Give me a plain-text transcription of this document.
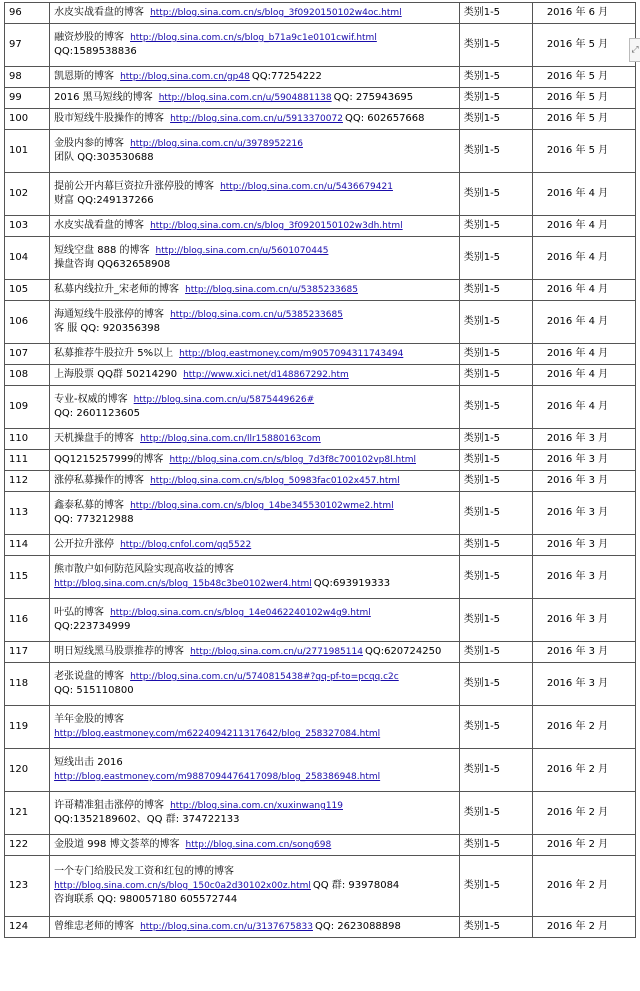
96	水皮实战看盘的博客 http://blog.sina.com.cn/s/blog_3f0920150102w4oc.html	类别1-5	2016 年 6 月
97	融资炒股的博客 http://blog.sina.com.cn/s/blog_b71a9c1e0101cwif.html
QQ:1589538836	类别1-5	2016 年 5 月
98	凯恩斯的博客 http://blog.sina.com.cn/gp48 QQ:77254222	类别1-5	2016 年 5 月
99	2016 黑马短线的博客 http://blog.sina.com.cn/u/5904881138 QQ: 275943695	类别1-5	2016 年 5 月
100	股市短线牛股操作的博客 http://blog.sina.com.cn/u/5913370072 QQ: 602657668	类别1-5	2016 年 5 月
101	金股内参的博客 http://blog.sina.com.cn/u/3978952216
团队 QQ:303530688	类别1-5	2016 年 5 月
102	提前公开内幕巨资拉升涨停股的博客 http://blog.sina.com.cn/u/5436679421
财富 QQ:249137266	类别1-5	2016 年 4 月
103	水皮实战看盘的博客 http://blog.sina.com.cn/s/blog_3f0920150102w3dh.html	类别1-5	2016 年 4 月
104	短线空盘 888 的博客 http://blog.sina.com.cn/u/5601070445
操盘咨询 QQ632658908	类别1-5	2016 年 4 月
105	私募内线拉升_宋老师的博客 http://blog.sina.com.cn/u/5385233685	类别1-5	2016 年 4 月
106	海通短线牛股涨停的博客 http://blog.sina.com.cn/u/5385233685
客 服 QQ: 920356398	类别1-5	2016 年 4 月
107	私募推荐牛股拉升 5%以上 http://blog.eastmoney.com/m9057094311743494	类别1-5	2016 年 4 月
108	上海股票 QQ群 50214290 http://www.xici.net/d148867292.htm	类别1-5	2016 年 4 月
109	专业-权威的博客 http://blog.sina.com.cn/u/5875449626#
QQ: 2601123605	类别1-5	2016 年 4 月
110	天机操盘手的博客 http://blog.sina.com.cn/llr15880163com	类别1-5	2016 年 3 月
111	QQ1215257999的博客 http://blog.sina.com.cn/s/blog_7d3f8c700102vp8l.html	类别1-5	2016 年 3 月
112	涨停私募操作的博客 http://blog.sina.com.cn/s/blog_50983fac0102x457.html	类别1-5	2016 年 3 月
113	鑫泰私募的博客 http://blog.sina.com.cn/s/blog_14be345530102wme2.html
QQ: 773212988	类别1-5	2016 年 3 月
114	公开拉升涨停 http://blog.cnfol.com/qq5522	类别1-5	2016 年 3 月
115	熊市散户如何防范风险实现高收益的博客
http://blog.sina.com.cn/s/blog_15b48c3be0102wer4.html QQ:693919333	类别1-5	2016 年 3 月
116	叶弘的博客 http://blog.sina.com.cn/s/blog_14e0462240102w4g9.html
QQ:223734999	类别1-5	2016 年 3 月
117	明日短线黑马股票推荐的博客 http://blog.sina.com.cn/u/2771985114 QQ:620724250	类别1-5	2016 年 3 月
118	老张说盘的博客 http://blog.sina.com.cn/u/5740815438#?qq-pf-to=pcqq.c2c
QQ: 515110800	类别1-5	2016 年 3 月
119	羊年金股的博客
http://blog.eastmoney.com/m6224094211317642/blog_258327084.html	类别1-5	2016 年 2 月
120	短线出击 2016
http://blog.eastmoney.com/m9887094476417098/blog_258386948.html	类别1-5	2016 年 2 月
121	许哥精准狙击涨停的博客 http://blog.sina.com.cn/xuxinwang119
QQ:1352189602、QQ 群: 374722133	类别1-5	2016 年 2 月
122	金股道 998 博文荟萃的博客 http://blog.sina.com.cn/song698	类别1-5	2016 年 2 月
123	一个专门给股民发工资和红包的博的博客
http://blog.sina.com.cn/s/blog_150c0a2d30102x00z.html QQ 群: 93978084
咨询联系 QQ: 980057180 605572744	类别1-5	2016 年 2 月
124	曾维忠老师的博客 http://blog.sina.com.cn/u/3137675833 QQ: 2623088898	类别1-5	2016 年 2 月
⤢
